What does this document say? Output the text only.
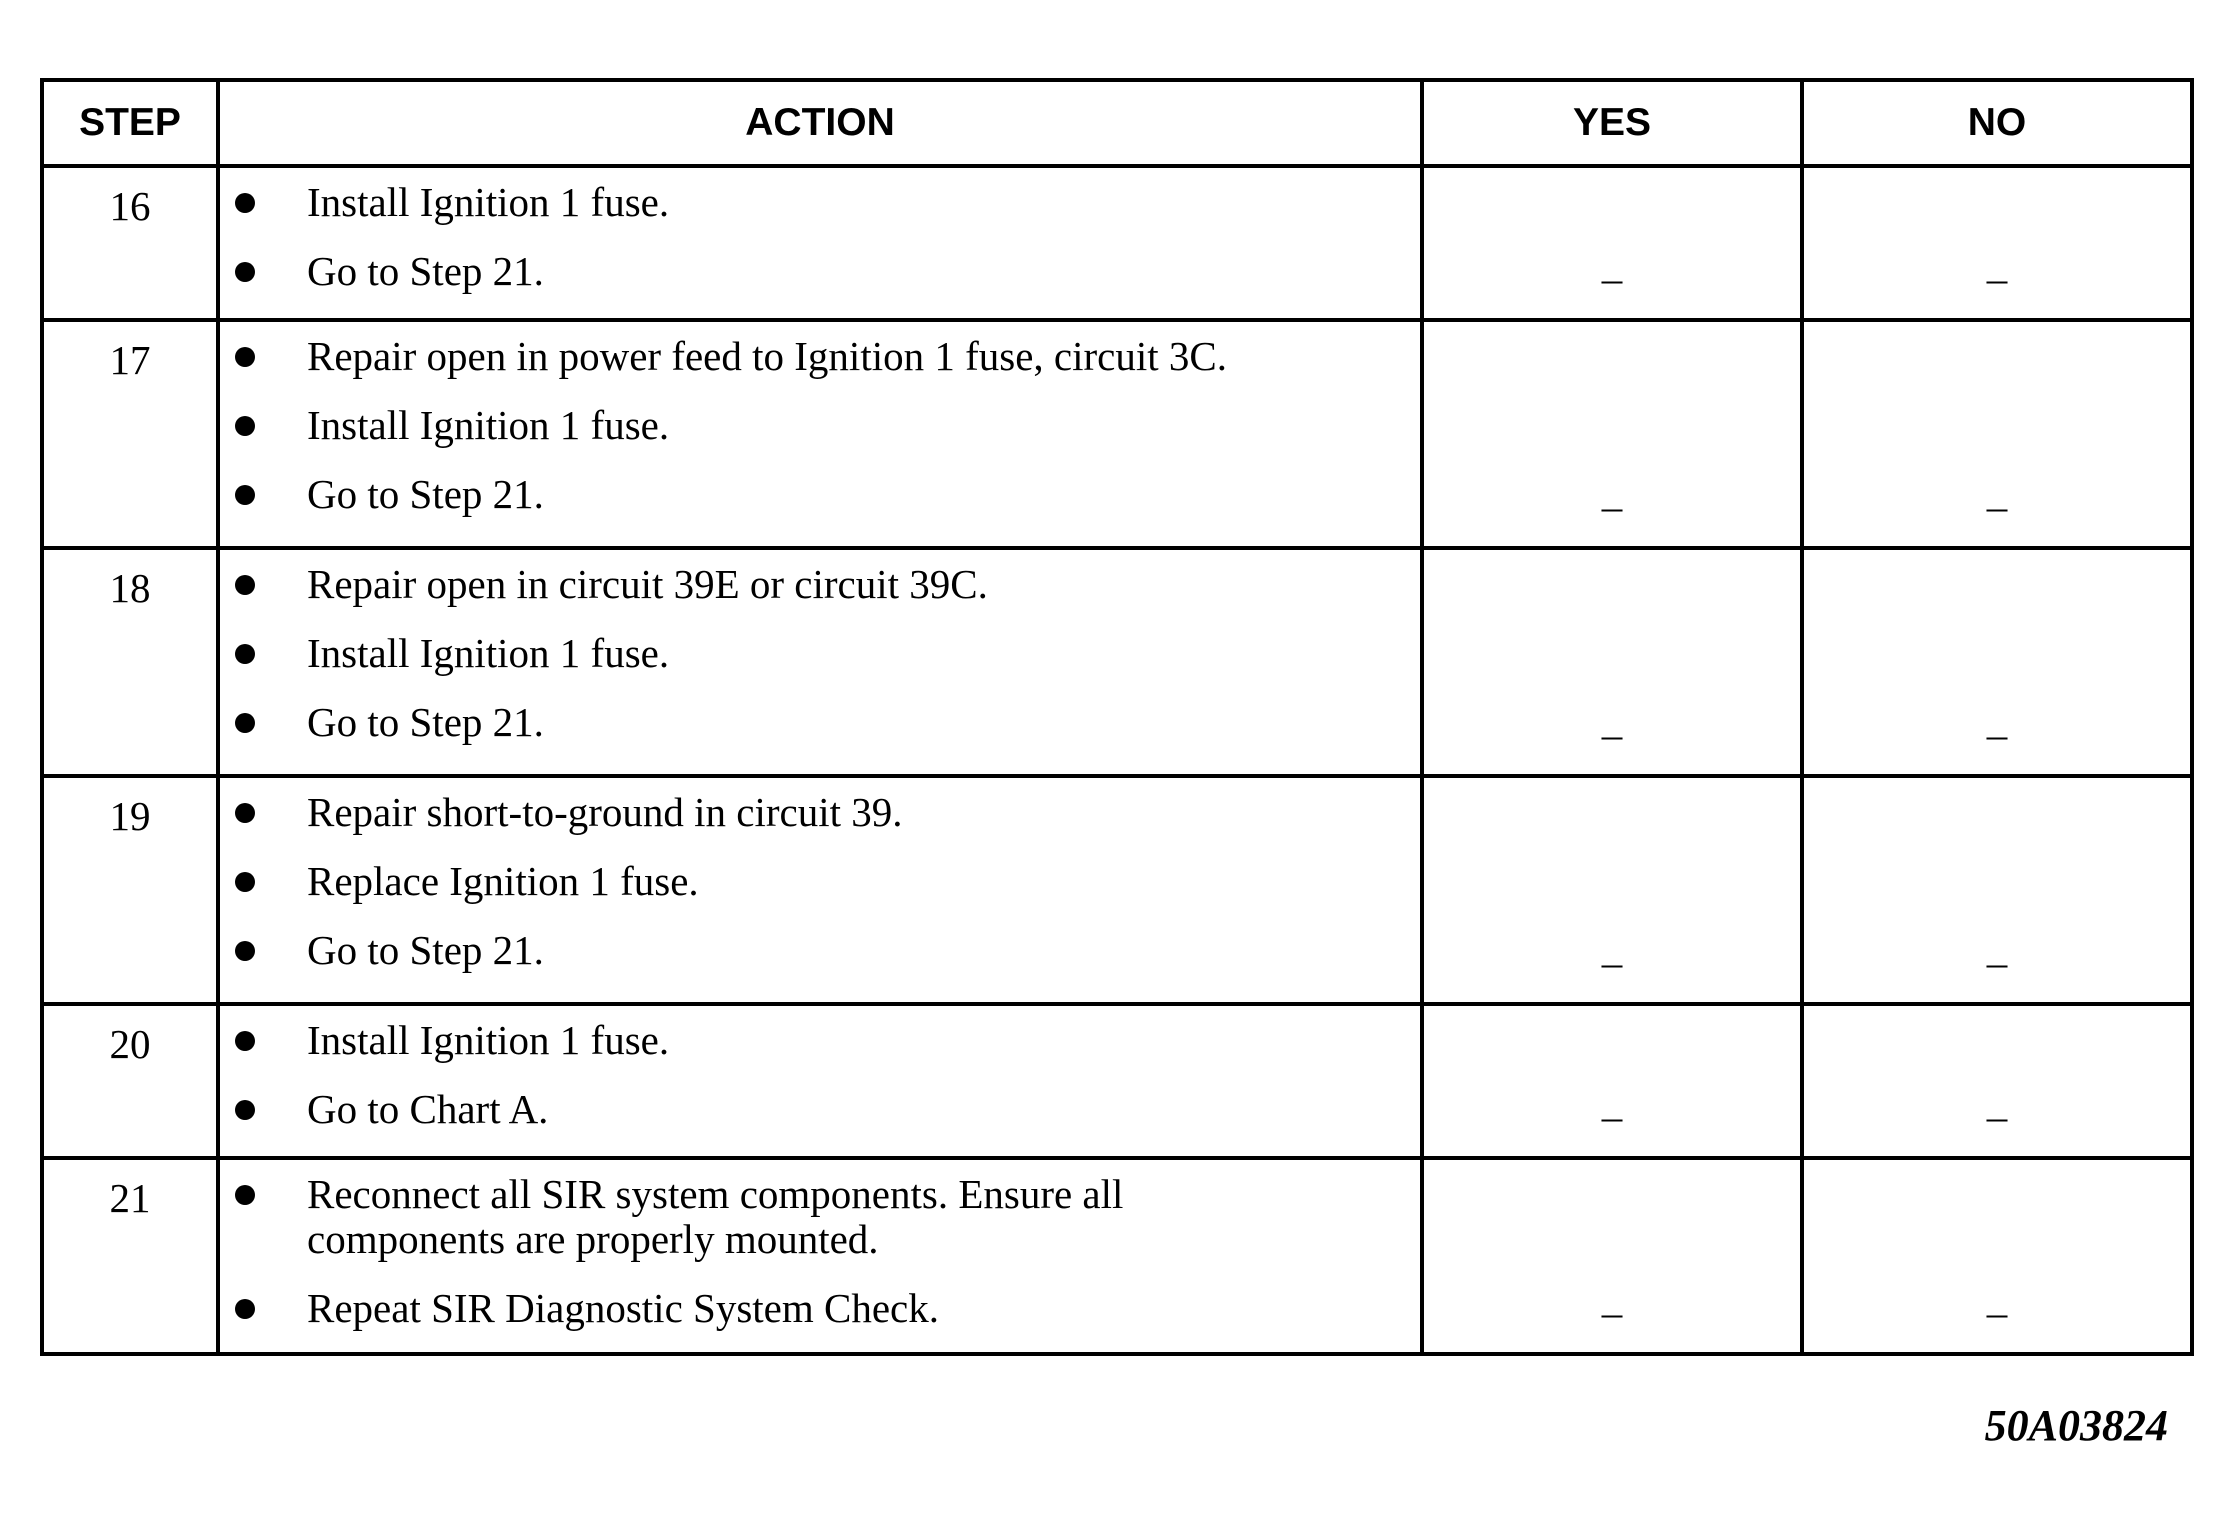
STEP	ACTION	YES	NO
16	Install Ignition 1 fuse.
Go to Step 21.	–	–
17	Repair open in power feed to Ignition 1 fuse, circuit 3C.
Install Ignition 1 fuse.
Go to Step 21.	–	–
18	Repair open in circuit 39E or circuit 39C.
Install Ignition 1 fuse.
Go to Step 21.	–	–
19	Repair short-to-ground in circuit 39.
Replace Ignition 1 fuse.
Go to Step 21.	–	–
20	Install Ignition 1 fuse.
Go to Chart A.	–	–
21	Reconnect all SIR system components. Ensure all components are properly mounted.
Repeat SIR Diagnostic System Check.	–	–
50A03824
